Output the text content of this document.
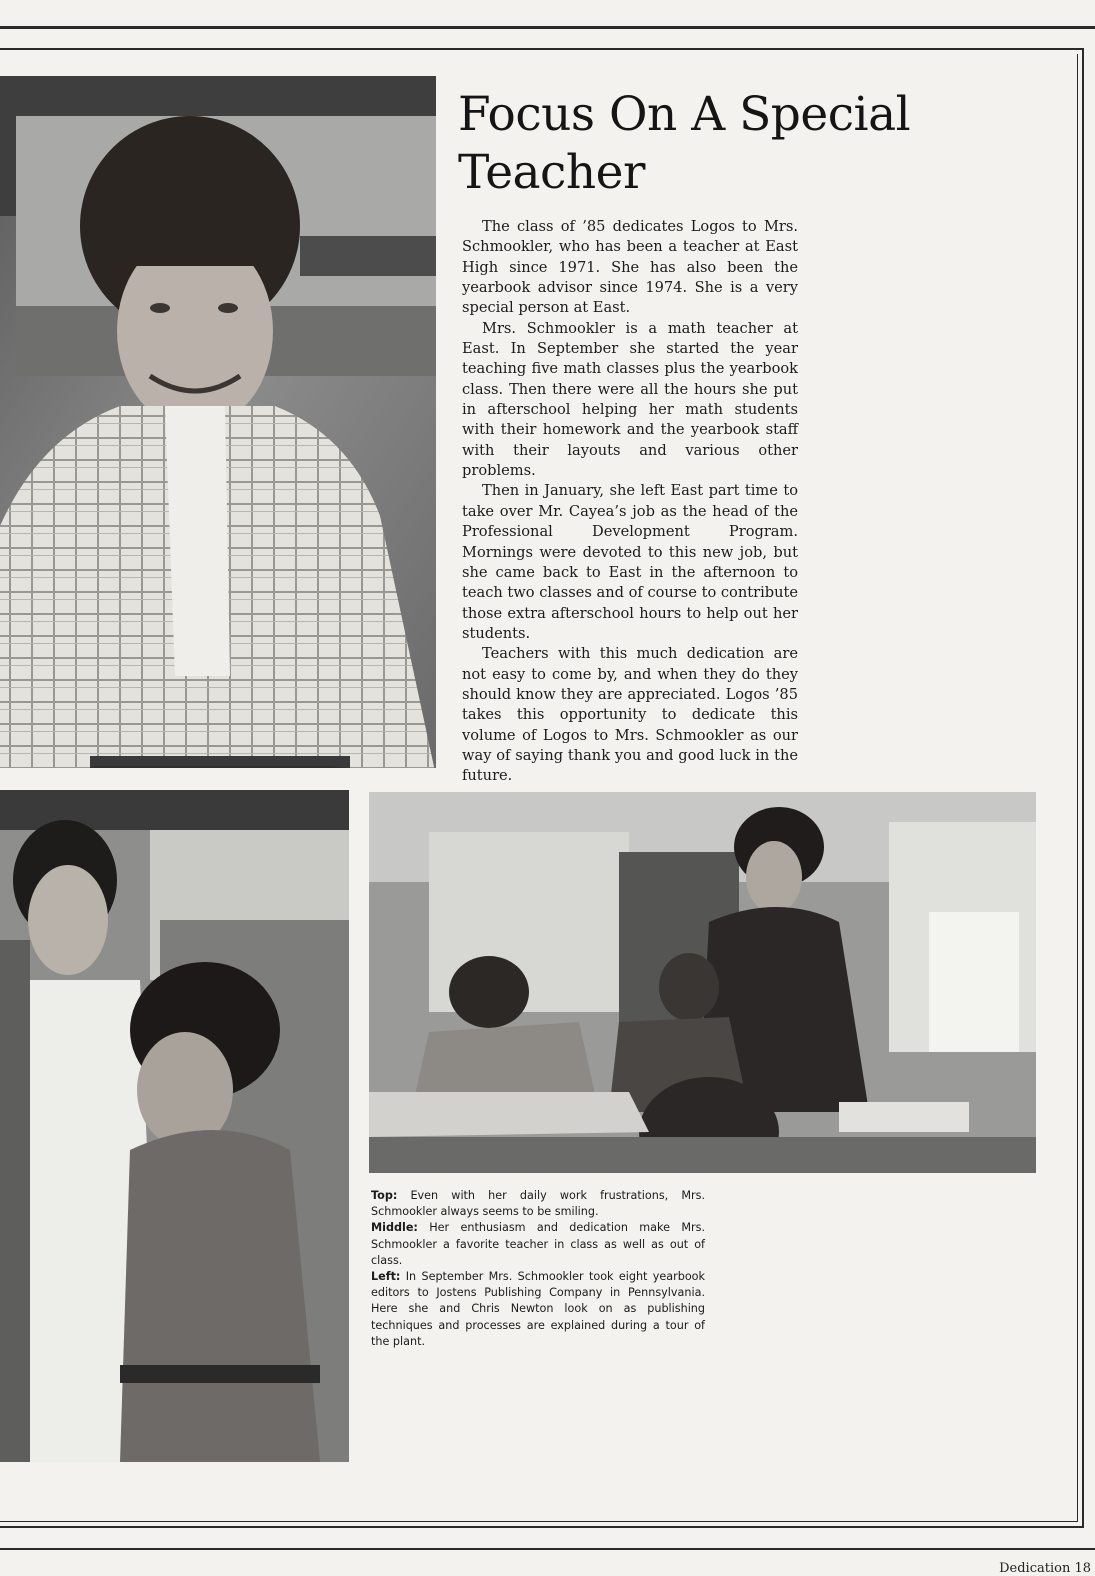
Focus On A Special
Teacher

The class of ’85 dedicates Logos to Mrs. Schmookler, who has been a teacher at East High since 1971. She has also been the yearbook advisor since 1974. She is a very special person at East.

Mrs. Schmookler is a math teacher at East. In September she started the year teaching five math classes plus the yearbook class. Then there were all the hours she put in afterschool helping her math students with their homework and the yearbook staff with their layouts and various other problems.

Then in January, she left East part time to take over Mr. Cayea’s job as the head of the Professional Development Program. Mornings were devoted to this new job, but she came back to East in the afternoon to teach two classes and of course to contribute those extra afterschool hours to help out her students.

Teachers with this much dedication are not easy to come by, and when they do they should know they are appreciated. Logos ’85 takes this opportunity to dedicate this volume of Logos to Mrs. Schmookler as our way of saying thank you and good luck in the future.

Top: Even with her daily work frustrations, Mrs. Schmookler always seems to be smiling.

Middle: Her enthusiasm and dedication make Mrs. Schmookler a favorite teacher in class as well as out of class.

Left: In September Mrs. Schmookler took eight yearbook editors to Jostens Publishing Company in Pennsylvania. Here she and Chris Newton look on as publishing techniques and processes are explained during a tour of the plant.

Dedication 18
